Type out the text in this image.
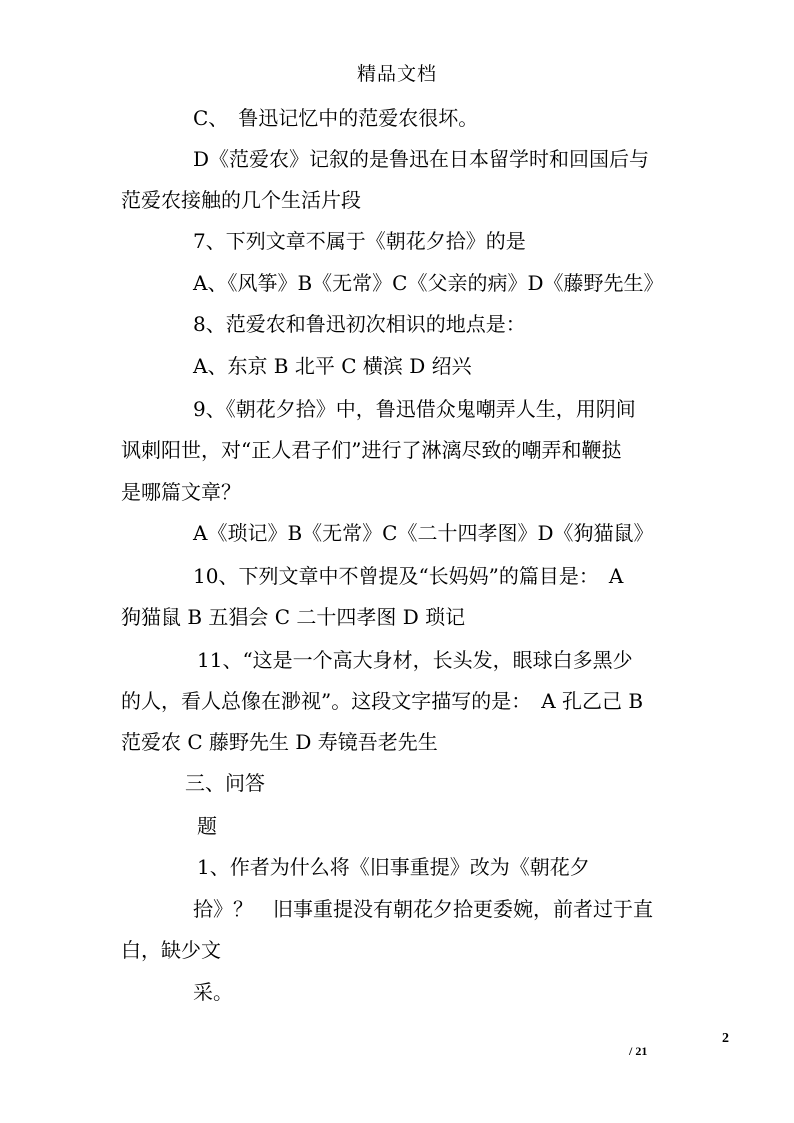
精品文档
C、　鲁迅记忆中的范爱农很坏。
D《范爱农》记叙的是鲁迅在日本留学时和回国后与
范爱农接触的几个生活片段
7、下列文章不属于《朝花夕拾》的是
A、《风筝》B《无常》C《父亲的病》D《藤野先生》
8、范爱农和鲁迅初次相识的地点是：
A、东京 B 北平 C 横滨 D 绍兴
9、《朝花夕拾》中，鲁迅借众鬼嘲弄人生，用阴间
讽刺阳世，对“正人君子们”进行了淋漓尽致的嘲弄和鞭挞
是哪篇文章？
A《琐记》B《无常》C《二十四孝图》D《狗猫鼠》
10、下列文章中不曾提及“长妈妈”的篇目是：　A
狗猫鼠 B 五猖会 C 二十四孝图 D 琐记
11、“这是一个高大身材，长头发，眼球白多黑少
的人，看人总像在渺视”。这段文字描写的是：　A 孔乙己 B
范爱农 C 藤野先生 D 寿镜吾老先生
三、问答
题
1、作者为什么将《旧事重提》改为《朝花夕
拾》？　旧事重提没有朝花夕拾更委婉，前者过于直
白，缺少文
采。
2
/ 21
